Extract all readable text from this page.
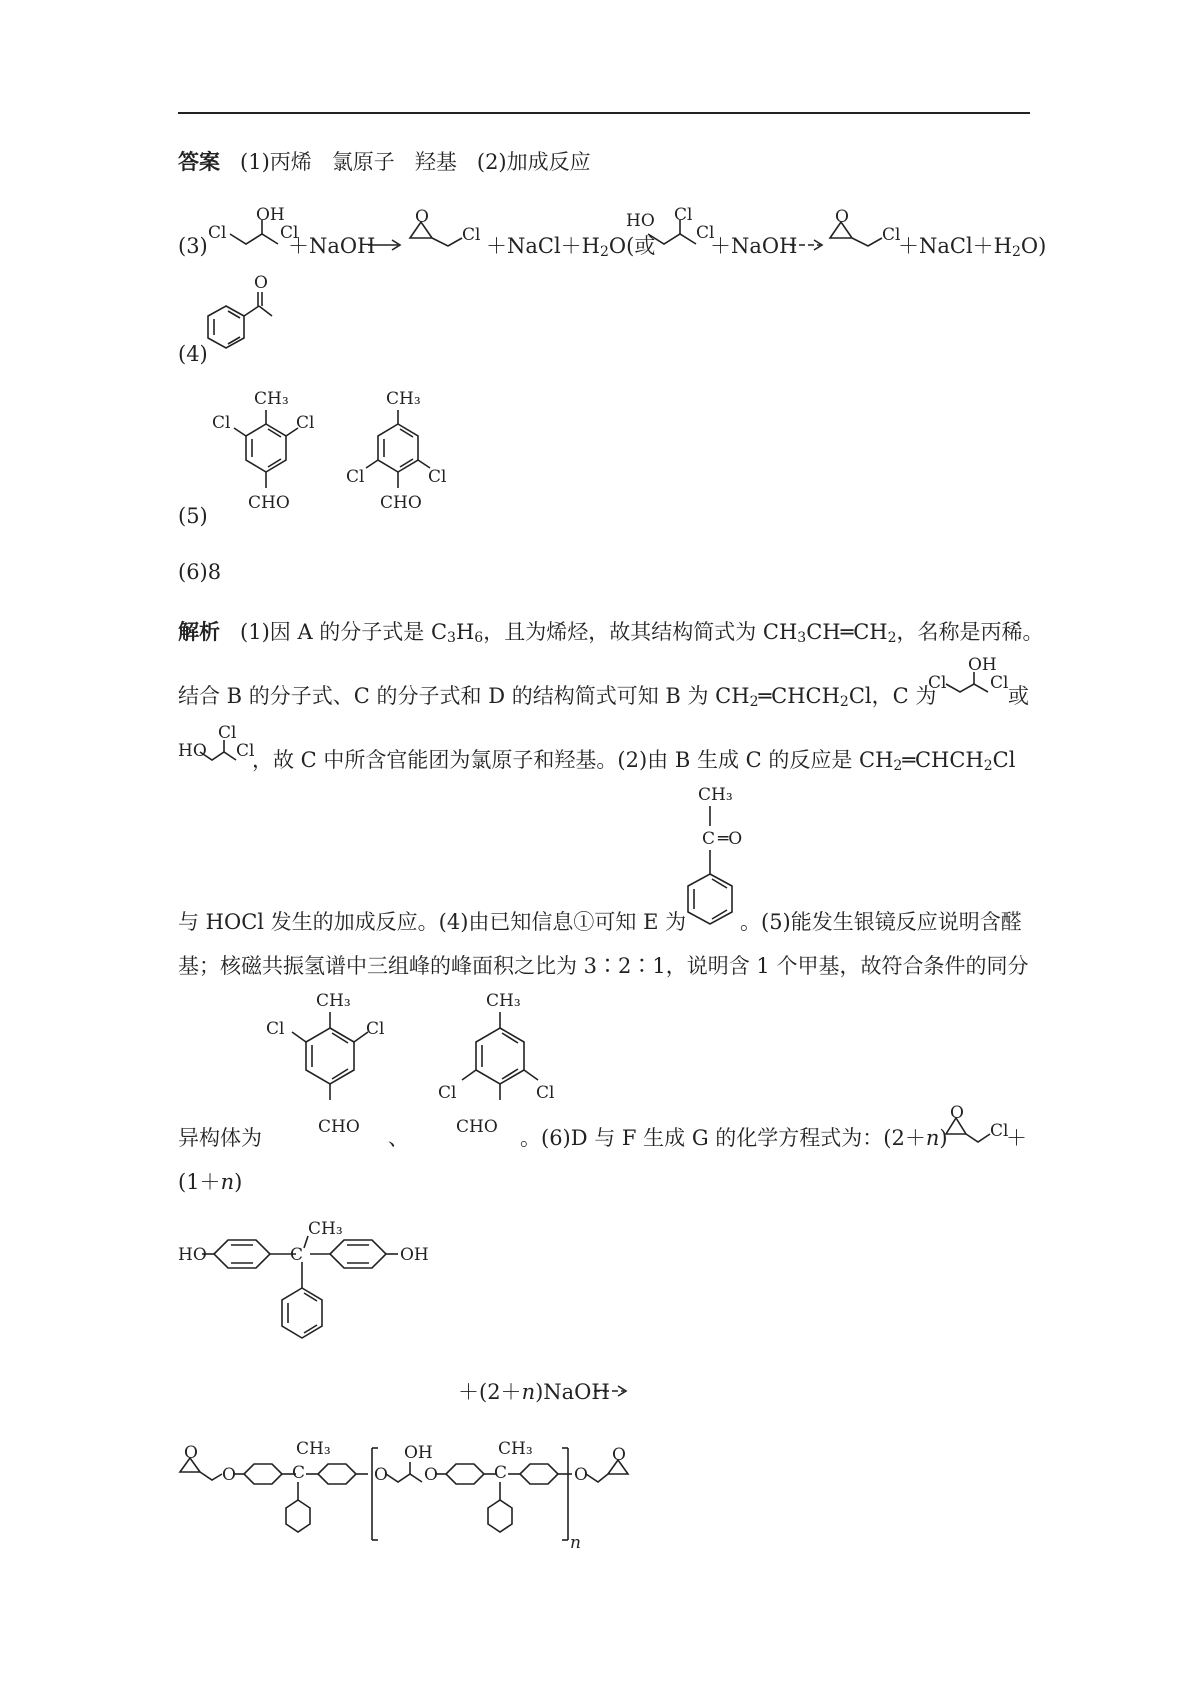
答案 (1)丙烯 氯原子 羟基 (2)加成反应
(3)
Cl
OH
Cl
＋NaOH
O
$Cl +NaCl+H_2O$(或
HO Cl
Cl
＋NaOH
O
Cl
$+NaCl+H_2O$)
(4)
O
(5)
CH₃
Cl	Cl
CHO
CH₃
Cl	Cl
CHO
(6)8
解析 (1)因 A 的分子式是 $C_3H_6$，且为烯烃，故其结构简式为 $CH_3CH═CH_2$，名称是丙稀。
结合 B 的分子式、C 的分子式和 D 的结构简式可知 B 为 $CH_2═CHCH_2Cl$，C 为
Cl
OH
Cl
或
HO
Cl
Cl
，故 C 中所含官能团为氯原子和羟基。(2)由 B 生成 C 的反应是 $CH_2═CHCH_2Cl$
CH₃
C ═O
与 HOCl 发生的加成反应。(4)由已知信息①可知 E 为	。(5)能发生银镜反应说明含醛
基；核磁共振氢谱中三组峰的峰面积之比为 3∶2∶1，说明含 1 个甲基，故符合条件的同分
CH₃
Cl	Cl
CHO 、
CH₃
Cl	Cl
CHO
异构体为	。(6)D 与 F 生成 G 的化学方程式为：(2＋n)
O
Cl
＋
(1＋n)
HO	C
CH₃
OH
＋(2＋n)NaOH
O
O	C
CH₃
O
OH
O	C
CH₃
n
O
O
